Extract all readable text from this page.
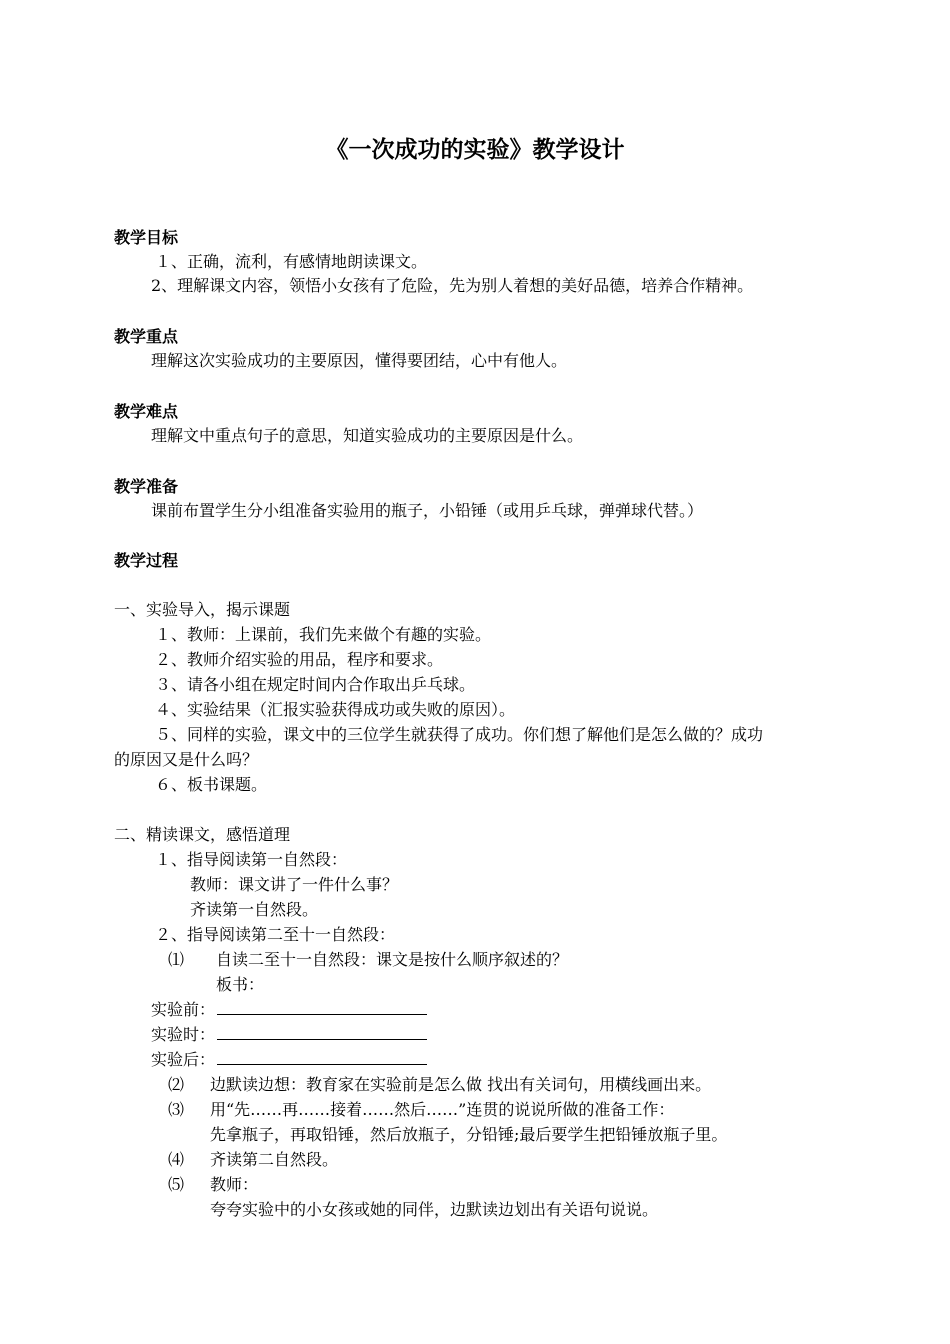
《一次成功的实验》教学设计
教学目标
１、正确，流利，有感情地朗读课文。
2、理解课文内容，领悟小女孩有了危险，先为别人着想的美好品德，培养合作精神。
教学重点
理解这次实验成功的主要原因，懂得要团结，心中有他人。
教学难点
理解文中重点句子的意思，知道实验成功的主要原因是什么。
教学准备
课前布置学生分小组准备实验用的瓶子，小铅锤（或用乒乓球，弹弹球代替。）
教学过程
一、实验导入，揭示课题
１、教师：上课前，我们先来做个有趣的实验。
２、教师介绍实验的用品，程序和要求。
３、请各小组在规定时间内合作取出乒乓球。
４、实验结果（汇报实验获得成功或失败的原因）。
５、同样的实验，课文中的三位学生就获得了成功。你们想了解他们是怎么做的？成功
的原因又是什么吗？
６、板书课题。
二、精读课文，感悟道理
１、指导阅读第一自然段：
教师：课文讲了一件什么事？
齐读第一自然段。
２、指导阅读第二至十一自然段：
⑴ 自读二至十一自然段：课文是按什么顺序叙述的？
板书：
实验前：
实验时：
实验后：
⑵ 边默读边想：教育家在实验前是怎么做 找出有关词句，用横线画出来。
⑶ 用“先……再……接着……然后……”连贯的说说所做的准备工作：
先拿瓶子，再取铅锤，然后放瓶子，分铅锤;最后要学生把铅锤放瓶子里。
⑷ 齐读第二自然段。
⑸ 教师：
夸夸实验中的小女孩或她的同伴，边默读边划出有关语句说说。
